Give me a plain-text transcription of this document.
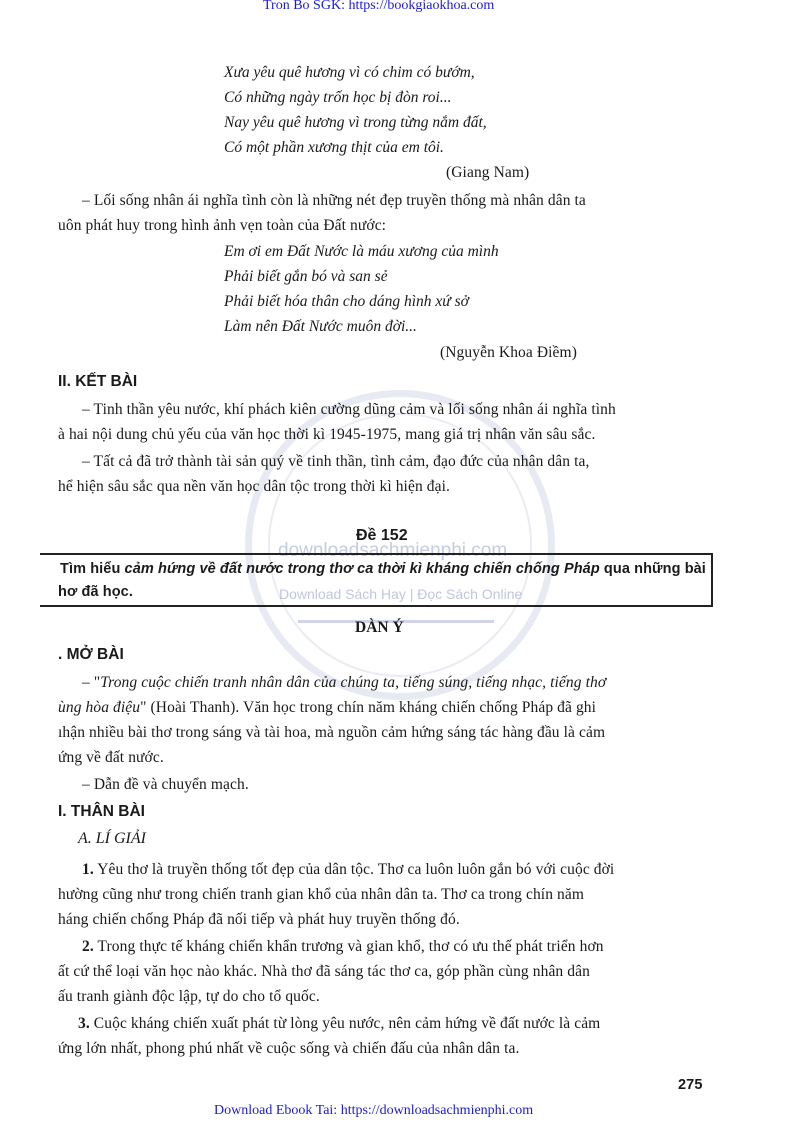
downloadsachmienphi.com
Download Sách Hay | Đọc Sách Online
Tron Bo SGK: https://bookgiaokhoa.com
Xưa yêu quê hương vì có chim có bướm,
Có những ngày trốn học bị đòn roi...
Nay yêu quê hương vì trong từng nắm đất,
Có một phần xương thịt của em tôi.
(Giang Nam)
– Lối sống nhân ái nghĩa tình còn là những nét đẹp truyền thống mà nhân dân ta
uôn phát huy trong hình ảnh vẹn toàn của Đất nước:
Em ơi em Đất Nước là máu xương của mình
Phải biết gắn bó và san sẻ
Phải biết hóa thân cho dáng hình xứ sở
Làm nên Đất Nước muôn đời...
(Nguyễn Khoa Điềm)
II. KẾT BÀI
– Tinh thần yêu nước, khí phách kiên cường dũng cảm và lối sống nhân ái nghĩa tình
à hai nội dung chủ yếu của văn học thời kì 1945-1975, mang giá trị nhân văn sâu sắc.
– Tất cả đã trở thành tài sản quý về tinh thần, tình cảm, đạo đức của nhân dân ta,
hể hiện sâu sắc qua nền văn học dân tộc trong thời kì hiện đại.
Đề 152
Tìm hiểu cảm hứng về đất nước trong thơ ca thời kì kháng chiến chống Pháp qua những bài
hơ đã học.
DÀN Ý
. MỞ BÀI
– "Trong cuộc chiến tranh nhân dân của chúng ta, tiếng súng, tiếng nhạc, tiếng thơ
ùng hòa điệu" (Hoài Thanh). Văn học trong chín năm kháng chiến chống Pháp đã ghi
ıhận nhiều bài thơ trong sáng và tài hoa, mà nguồn cảm hứng sáng tác hàng đầu là cảm
ứng về đất nước.
– Dẫn đề và chuyển mạch.
I. THÂN BÀI
A. LÍ GIẢI
1. Yêu thơ là truyền thống tốt đẹp của dân tộc. Thơ ca luôn luôn gắn bó với cuộc đời
hường cũng như trong chiến tranh gian khổ của nhân dân ta. Thơ ca trong chín năm
háng chiến chống Pháp đã nối tiếp và phát huy truyền thống đó.
2. Trong thực tế kháng chiến khẩn trương và gian khổ, thơ có ưu thế phát triển hơn
ất cứ thể loại văn học nào khác. Nhà thơ đã sáng tác thơ ca, góp phần cùng nhân dân
ấu tranh giành độc lập, tự do cho tổ quốc.
3. Cuộc kháng chiến xuất phát từ lòng yêu nước, nên cảm hứng về đất nước là cảm
ứng lớn nhất, phong phú nhất về cuộc sống và chiến đấu của nhân dân ta.
275
Download Ebook Tai: https://downloadsachmienphi.com
